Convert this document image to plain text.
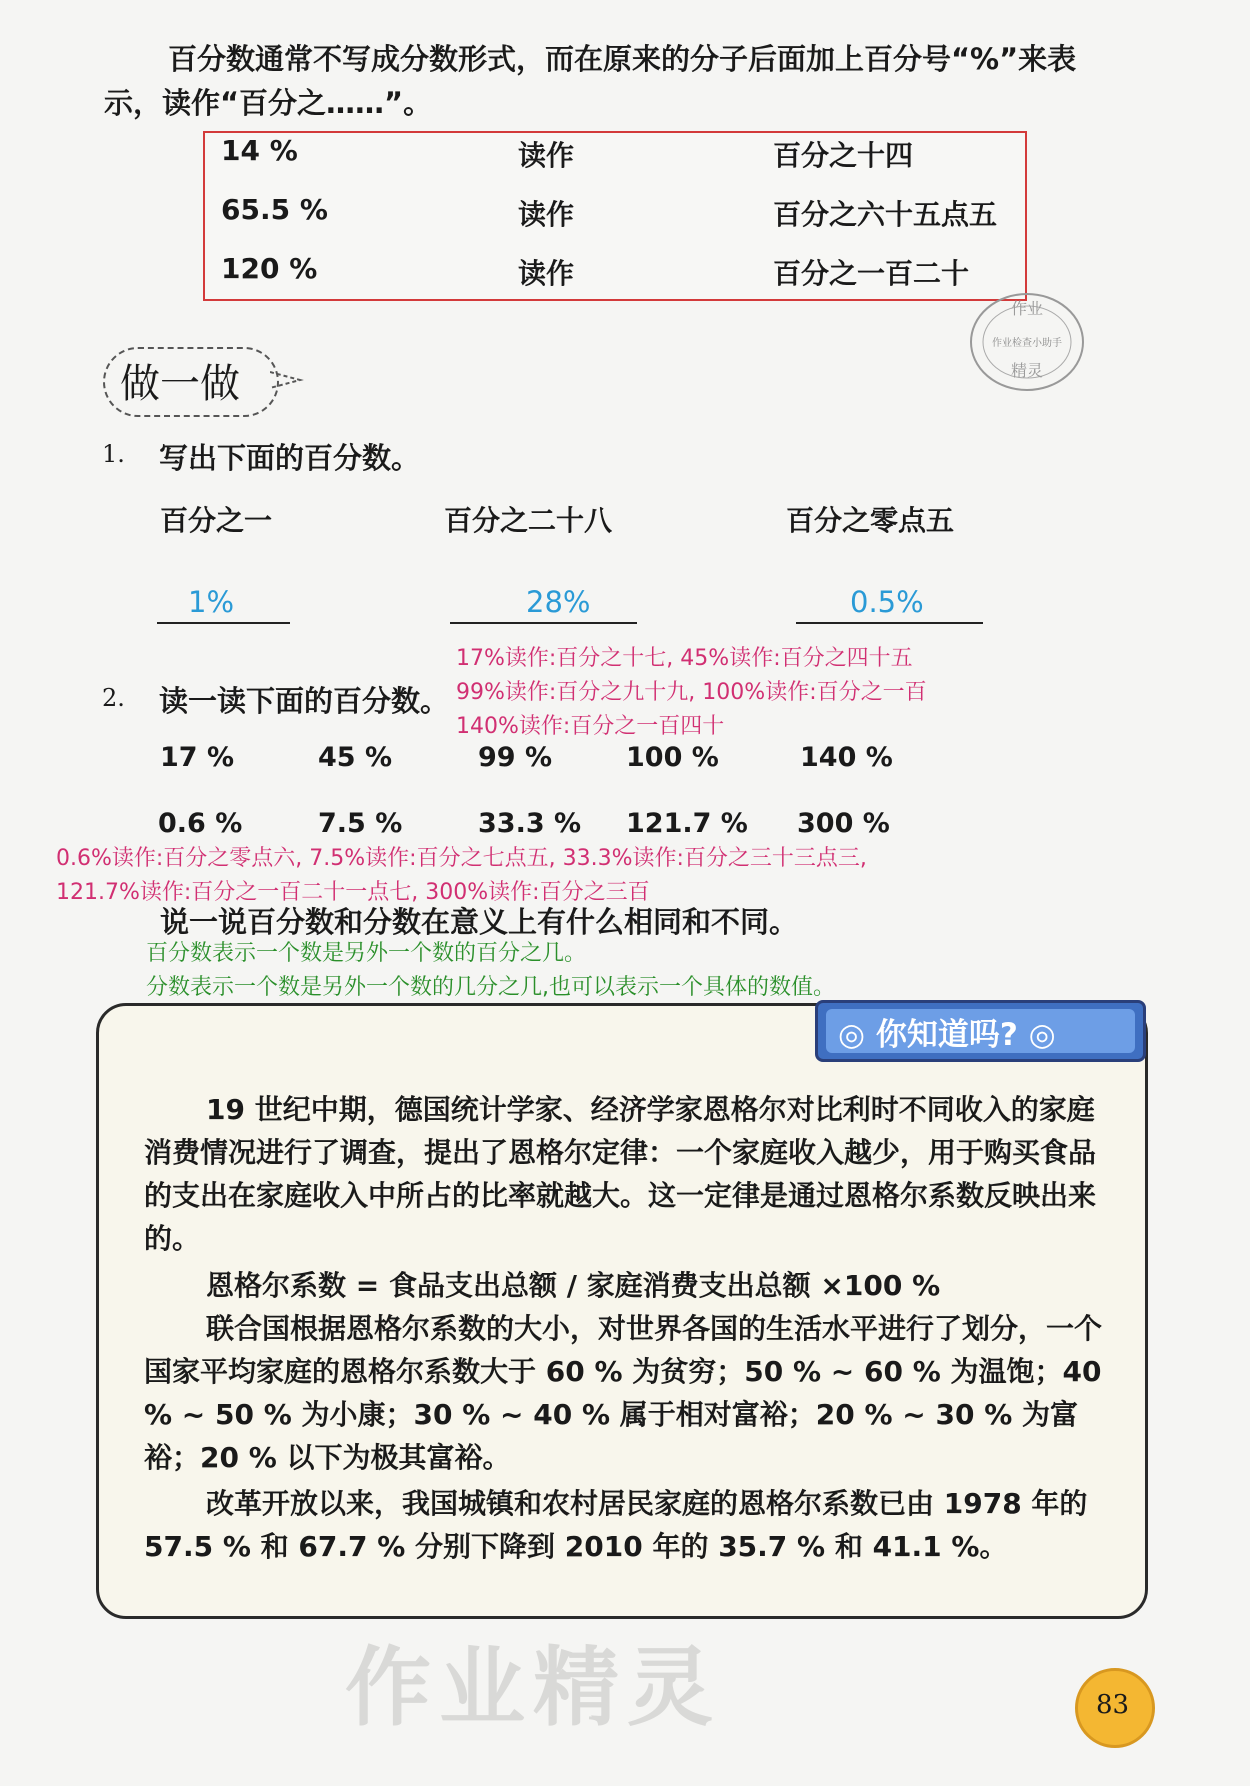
百分数通常不写成分数形式，而在原来的分子后面加上百分号“%”来表
示，读作“百分之……”。
14 %	读作	百分之十四
65.5 %	读作	百分之六十五点五
120 %	读作	百分之一百二十
作业
作业检查小助手
精灵
做一做
1. 写出下面的百分数。
百分之一	百分之二十八	百分之零点五
1%	28%	0.5%
17%读作:百分之十七, 45%读作:百分之四十五
99%读作:百分之九十九, 100%读作:百分之一百
140%读作:百分之一百四十
2. 读一读下面的百分数。
17 %	45 %	99 %	100 %	140 %
0.6 %	7.5 %	33.3 % 121.7 % 300 %
0.6%读作:百分之零点六, 7.5%读作:百分之七点五, 33.3%读作:百分之三十三点三,
121.7%读作:百分之一百二十一点七, 300%读作:百分之三百
说一说百分数和分数在意义上有什么相同和不同。
百分数表示一个数是另外一个数的百分之几。
分数表示一个数是另外一个数的几分之几,也可以表示一个具体的数值。
◎ 你知道吗? ◎
19 世纪中期，德国统计学家、经济学家恩格尔对比利时不同收入的家庭消费情况进行了调查，提出了恩格尔定律：一个家庭收入越少，用于购买食品的支出在家庭收入中所占的比率就越大。这一定律是通过恩格尔系数反映出来的。
恩格尔系数 = 食品支出总额 / 家庭消费支出总额 ×100 %
联合国根据恩格尔系数的大小，对世界各国的生活水平进行了划分，一个国家平均家庭的恩格尔系数大于 60 % 为贫穷；50 % ~ 60 % 为温饱；40 % ~ 50 % 为小康；30 % ~ 40 % 属于相对富裕；20 % ~ 30 % 为富裕；20 % 以下为极其富裕。
改革开放以来，我国城镇和农村居民家庭的恩格尔系数已由 1978 年的 57.5 % 和 67.7 % 分别下降到 2010 年的 35.7 % 和 41.1 %。
作业精灵	83
